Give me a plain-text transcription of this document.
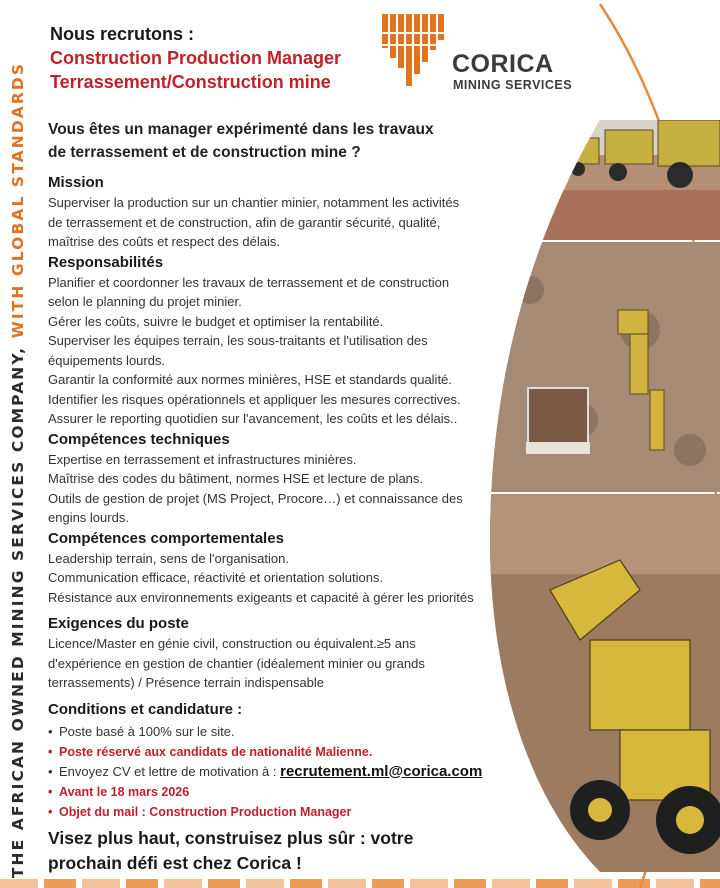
THE AFRICAN OWNED MINING SERVICES COMPANY, WITH GLOBAL STANDARDS
Nous recrutons :
Construction Production Manager
Terrassement/Construction mine
CORICA
MINING SERVICES
Vous êtes un manager expérimenté dans les travaux
de terrassement et de construction mine ?
Mission
Superviser la production sur un chantier minier, notamment les activités
de terrassement et de construction, afin de garantir sécurité, qualité,
maîtrise des coûts et respect des délais.
Responsabilités
Planifier et coordonner les travaux de terrassement et de construction
selon le planning du projet minier.
Gérer les coûts, suivre le budget et optimiser la rentabilité.
Superviser les équipes terrain, les sous-traitants et l'utilisation des
équipements lourds.
Garantir la conformité aux normes minières, HSE et standards qualité.
Identifier les risques opérationnels et appliquer les mesures correctives.
Assurer le reporting quotidien sur l'avancement, les coûts et les délais..
Compétences techniques
Expertise en terrassement et infrastructures minières.
Maîtrise des codes du bâtiment, normes HSE et lecture de plans.
Outils de gestion de projet (MS Project, Procore…) et connaissance des
engins lourds.
Compétences comportementales
Leadership terrain, sens de l'organisation.
Communication efficace, réactivité et orientation solutions.
Résistance aux environnements exigeants et capacité à gérer les priorités
Exigences du poste
Licence/Master en génie civil, construction ou équivalent.≥5 ans
d'expérience en gestion de chantier (idéalement minier ou grands
terrassements) / Présence terrain indispensable
Conditions et candidature :
• Poste basé à 100% sur le site.
• Poste réservé aux candidats de nationalité Malienne.
• Envoyez CV et lettre de motivation à : recrutement.ml@corica.com
• Avant le 18 mars 2026
• Objet du mail : Construction Production Manager
Visez plus haut, construisez plus sûr : votre
prochain défi est chez Corica !
